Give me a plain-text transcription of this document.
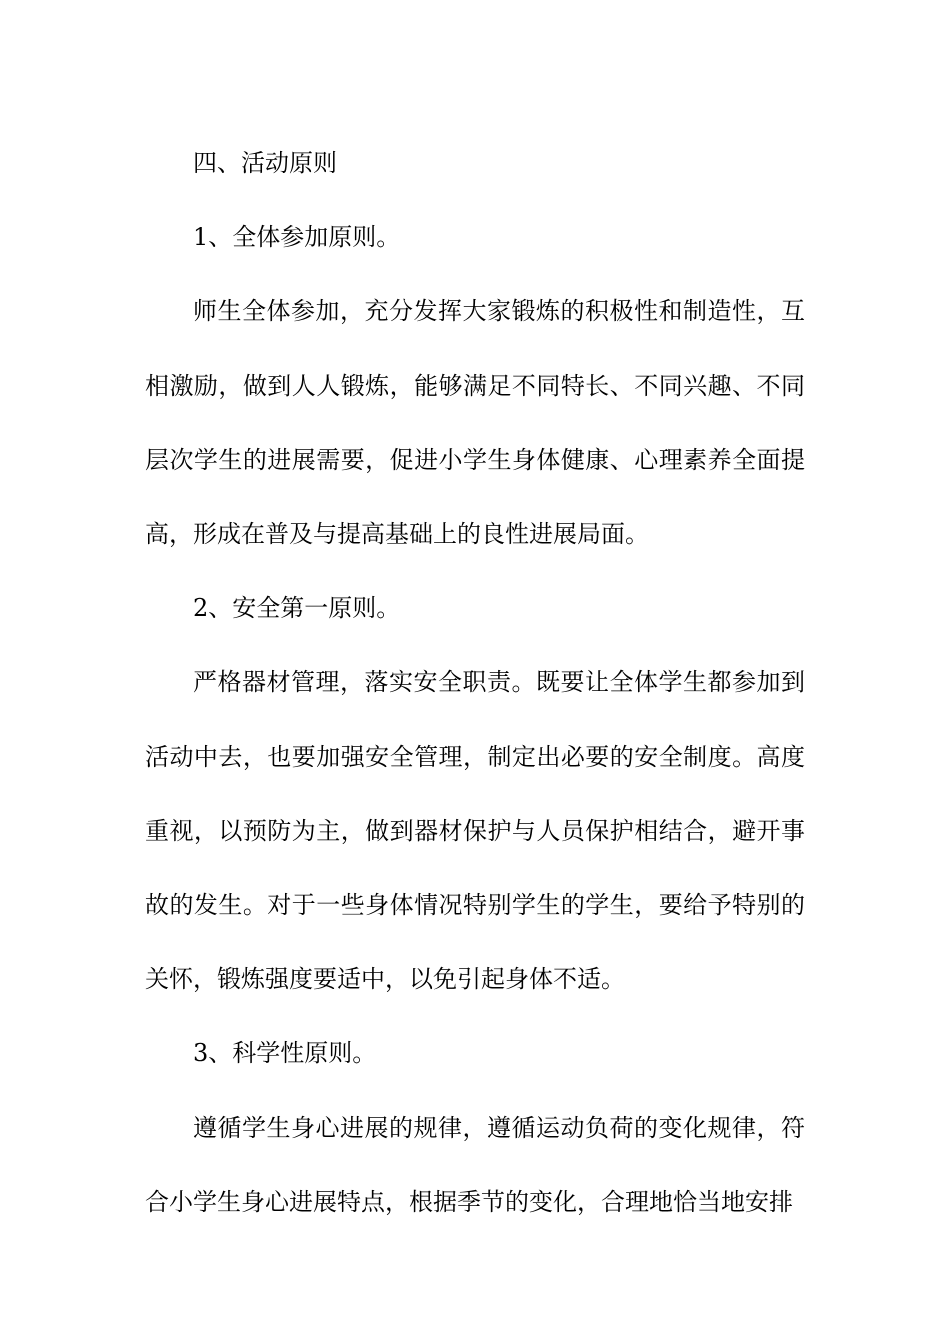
四、活动原则

1、全体参加原则。

师生全体参加，充分发挥大家锻炼的积极性和制造性，互相激励，做到人人锻炼，能够满足不同特长、不同兴趣、不同层次学生的进展需要，促进小学生身体健康、心理素养全面提高，形成在普及与提高基础上的良性进展局面。

2、安全第一原则。

严格器材管理，落实安全职责。既要让全体学生都参加到活动中去，也要加强安全管理，制定出必要的安全制度。高度重视，以预防为主，做到器材保护与人员保护相结合，避开事故的发生。对于一些身体情况特别学生的学生，要给予特别的关怀，锻炼强度要适中，以免引起身体不适。

3、科学性原则。

遵循学生身心进展的规律，遵循运动负荷的变化规律，符合小学生身心进展特点，根据季节的变化，合理地恰当地安排
